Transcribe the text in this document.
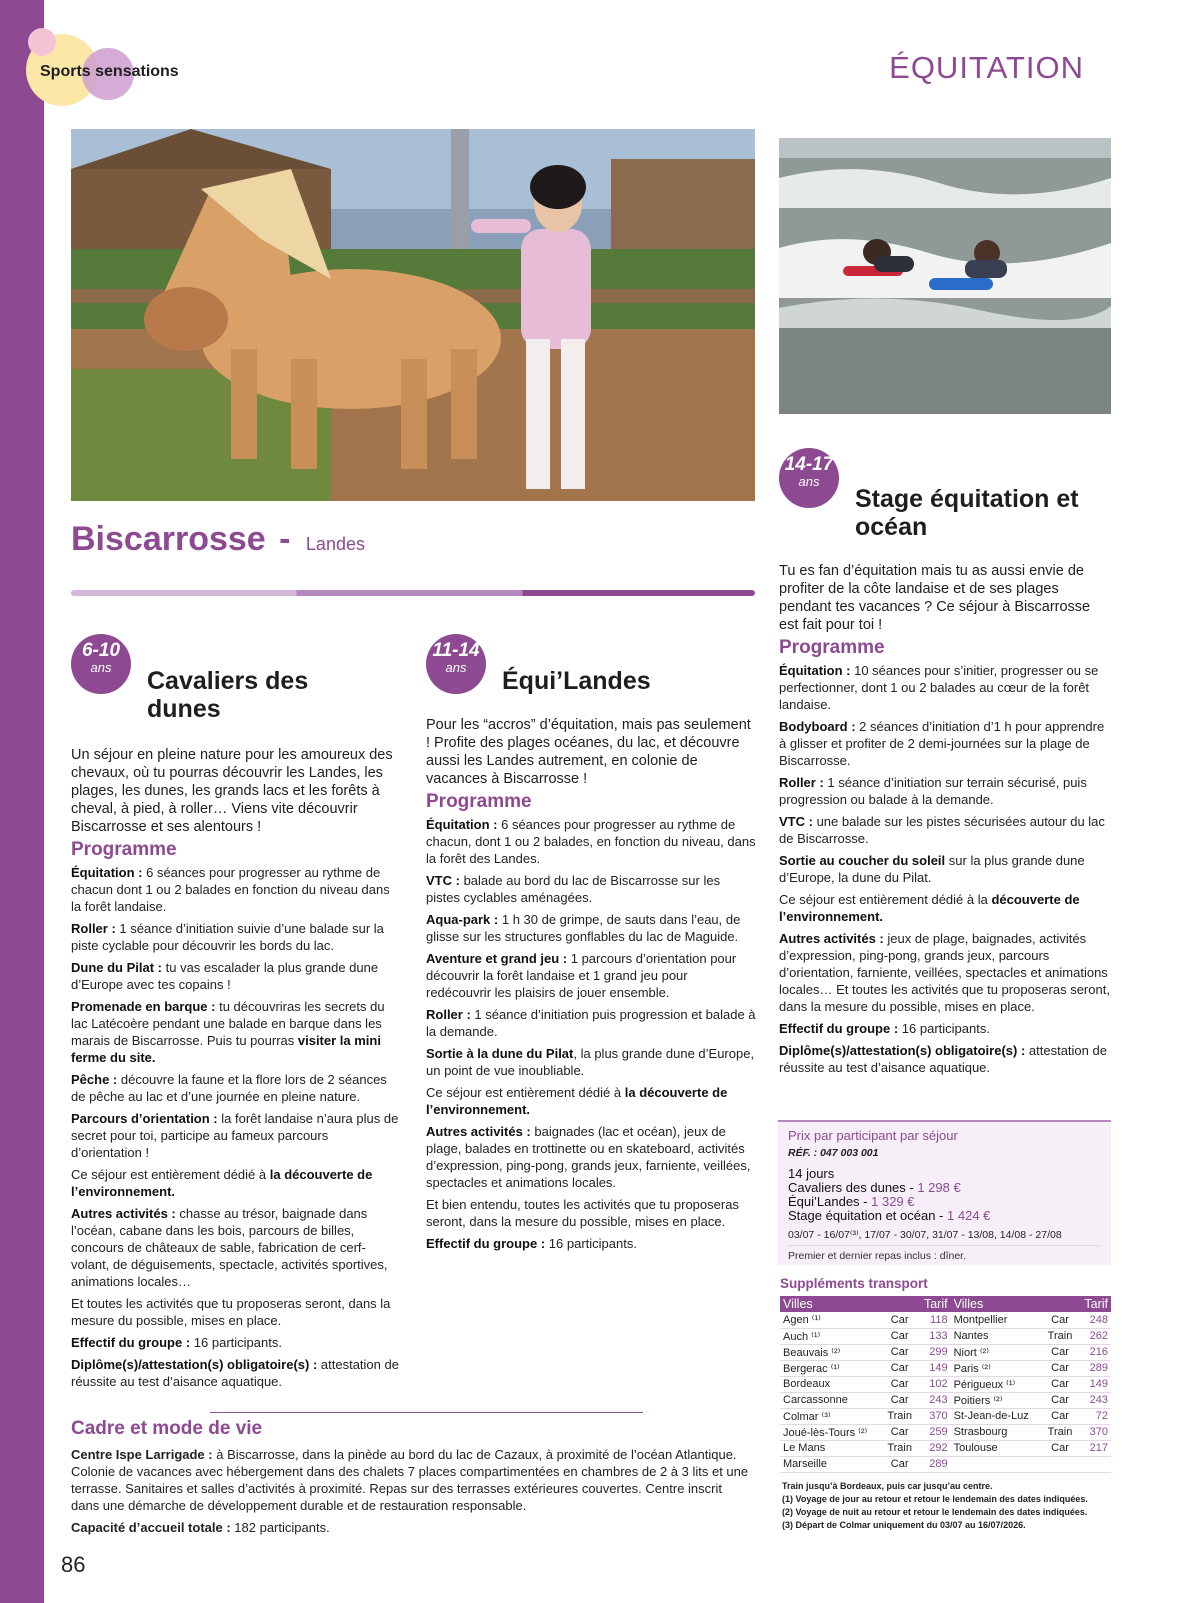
Sports sensations	ÉQUITATION
Biscarrosse - Landes
6-10
ans	Cavaliers des dunes

Un séjour en pleine nature pour les amoureux des chevaux, où tu pourras découvrir les Landes, les plages, les dunes, les grands lacs et les forêts à cheval, à pied, à roller… Viens vite découvrir Biscarrosse et ses alentours !

Programme

Équitation : 6 séances pour progresser au rythme de chacun dont 1 ou 2 balades en fonction du niveau dans la forêt landaise.

Roller : 1 séance d’initiation suivie d’une balade sur la piste cyclable pour découvrir les bords du lac.

Dune du Pilat : tu vas escalader la plus grande dune d’Europe avec tes copains !

Promenade en barque : tu découvriras les secrets du lac Latécoère pendant une balade en barque dans les marais de Biscarrosse. Puis tu pourras visiter la mini ferme du site.

Pêche : découvre la faune et la flore lors de 2 séances de pêche au lac et d’une journée en pleine nature.

Parcours d’orientation : la forêt landaise n’aura plus de secret pour toi, participe au fameux parcours d’orientation !

Ce séjour est entièrement dédié à la découverte de l’environnement.

Autres activités : chasse au trésor, baignade dans l’océan, cabane dans les bois, parcours de billes, concours de châteaux de sable, fabrication de cerf-volant, de déguisements, spectacle, activités sportives, animations locales…

Et toutes les activités que tu proposeras seront, dans la mesure du possible, mises en place.

Effectif du groupe : 16 participants.

Diplôme(s)/attestation(s) obligatoire(s) : attestation de réussite au test d’aisance aquatique.

11-14
ans	Équi’Landes

Pour les “accros” d’équitation, mais pas seulement ! Profite des plages océanes, du lac, et découvre aussi les Landes autrement, en colonie de vacances à Biscarrosse !

Programme

Équitation : 6 séances pour progresser au rythme de chacun, dont 1 ou 2 balades, en fonction du niveau, dans la forêt des Landes.

VTC : balade au bord du lac de Biscarrosse sur les pistes cyclables aménagées.

Aqua-park : 1 h 30 de grimpe, de sauts dans l’eau, de glisse sur les structures gonflables du lac de Maguide.

Aventure et grand jeu : 1 parcours d’orientation pour découvrir la forêt landaise et 1 grand jeu pour redécouvrir les plaisirs de jouer ensemble.

Roller : 1 séance d’initiation puis progression et balade à la demande.

Sortie à la dune du Pilat, la plus grande dune d’Europe, un point de vue inoubliable.

Ce séjour est entièrement dédié à la découverte de l’environnement.

Autres activités : baignades (lac et océan), jeux de plage, balades en trottinette ou en skateboard, activités d’expression, ping-pong, grands jeux, farniente, veillées, spectacles et animations locales.

Et bien entendu, toutes les activités que tu proposeras seront, dans la mesure du possible, mises en place.

Effectif du groupe : 16 participants.

14-17
ans
Stage équitation et océan

Tu es fan d’équitation mais tu as aussi envie de profiter de la côte landaise et de ses plages pendant tes vacances ? Ce séjour à Biscarrosse est fait pour toi !

Programme

Équitation : 10 séances pour s’initier, progresser ou se perfectionner, dont 1 ou 2 balades au cœur de la forêt landaise.

Bodyboard : 2 séances d’initiation d’1 h pour apprendre à glisser et profiter de 2 demi-journées sur la plage de Biscarrosse.

Roller : 1 séance d’initiation sur terrain sécurisé, puis progression ou balade à la demande.

VTC : une balade sur les pistes sécurisées autour du lac de Biscarrosse.

Sortie au coucher du soleil sur la plus grande dune d’Europe, la dune du Pilat.

Ce séjour est entièrement dédié à la découverte de l’environnement.

Autres activités : jeux de plage, baignades, activités d’expression, ping-pong, grands jeux, parcours d’orientation, farniente, veillées, spectacles et animations locales… Et toutes les activités que tu proposeras seront, dans la mesure du possible, mises en place.

Effectif du groupe : 16 participants.

Diplôme(s)/attestation(s) obligatoire(s) : attestation de réussite au test d’aisance aquatique.

Cadre et mode de vie

Centre Ispe Larrigade : à Biscarrosse, dans la pinède au bord du lac de Cazaux, à proximité de l’océan Atlantique. Colonie de vacances avec hébergement dans des chalets 7 places compartimentées en chambres de 2 à 3 lits et une terrasse. Sanitaires et salles d’activités à proximité. Repas sur des terrasses extérieures couvertes. Centre inscrit dans une démarche de développement durable et de restauration responsable.

Capacité d’accueil totale : 182 participants.

Prix par participant par séjour
RÉF. : 047 003 001
14 jours
Cavaliers des dunes - 1 298 €
Équi’Landes - 1 329 €
Stage équitation et océan - 1 424 €
03/07 - 16/07⁽³⁾, 17/07 - 30/07, 31/07 - 13/08, 14/08 - 27/08
Premier et dernier repas inclus : dîner.
Suppléments transport
Villes		Tarif	Villes		Tarif
Agen ⁽¹⁾	Car	118	Montpellier	Car	248
Auch ⁽¹⁾	Car	133	Nantes	Train	262
Beauvais ⁽²⁾	Car	299	Niort ⁽²⁾	Car	216
Bergerac ⁽¹⁾	Car	149	Paris ⁽²⁾	Car	289
Bordeaux	Car	102	Périgueux ⁽¹⁾	Car	149
Carcassonne	Car	243	Poitiers ⁽²⁾	Car	243
Colmar ⁽³⁾	Train	370	St-Jean-de-Luz	Car	72
Joué-lès-Tours ⁽²⁾	Car	259	Strasbourg	Train	370
Le Mans	Train	292	Toulouse	Car	217
Marseille	Car	289			
Train jusqu’à Bordeaux, puis car jusqu’au centre.
(1) Voyage de jour au retour et retour le lendemain des dates indiquées.
(2) Voyage de nuit au retour et retour le lendemain des dates indiquées.
(3) Départ de Colmar uniquement du 03/07 au 16/07/2026.
86
